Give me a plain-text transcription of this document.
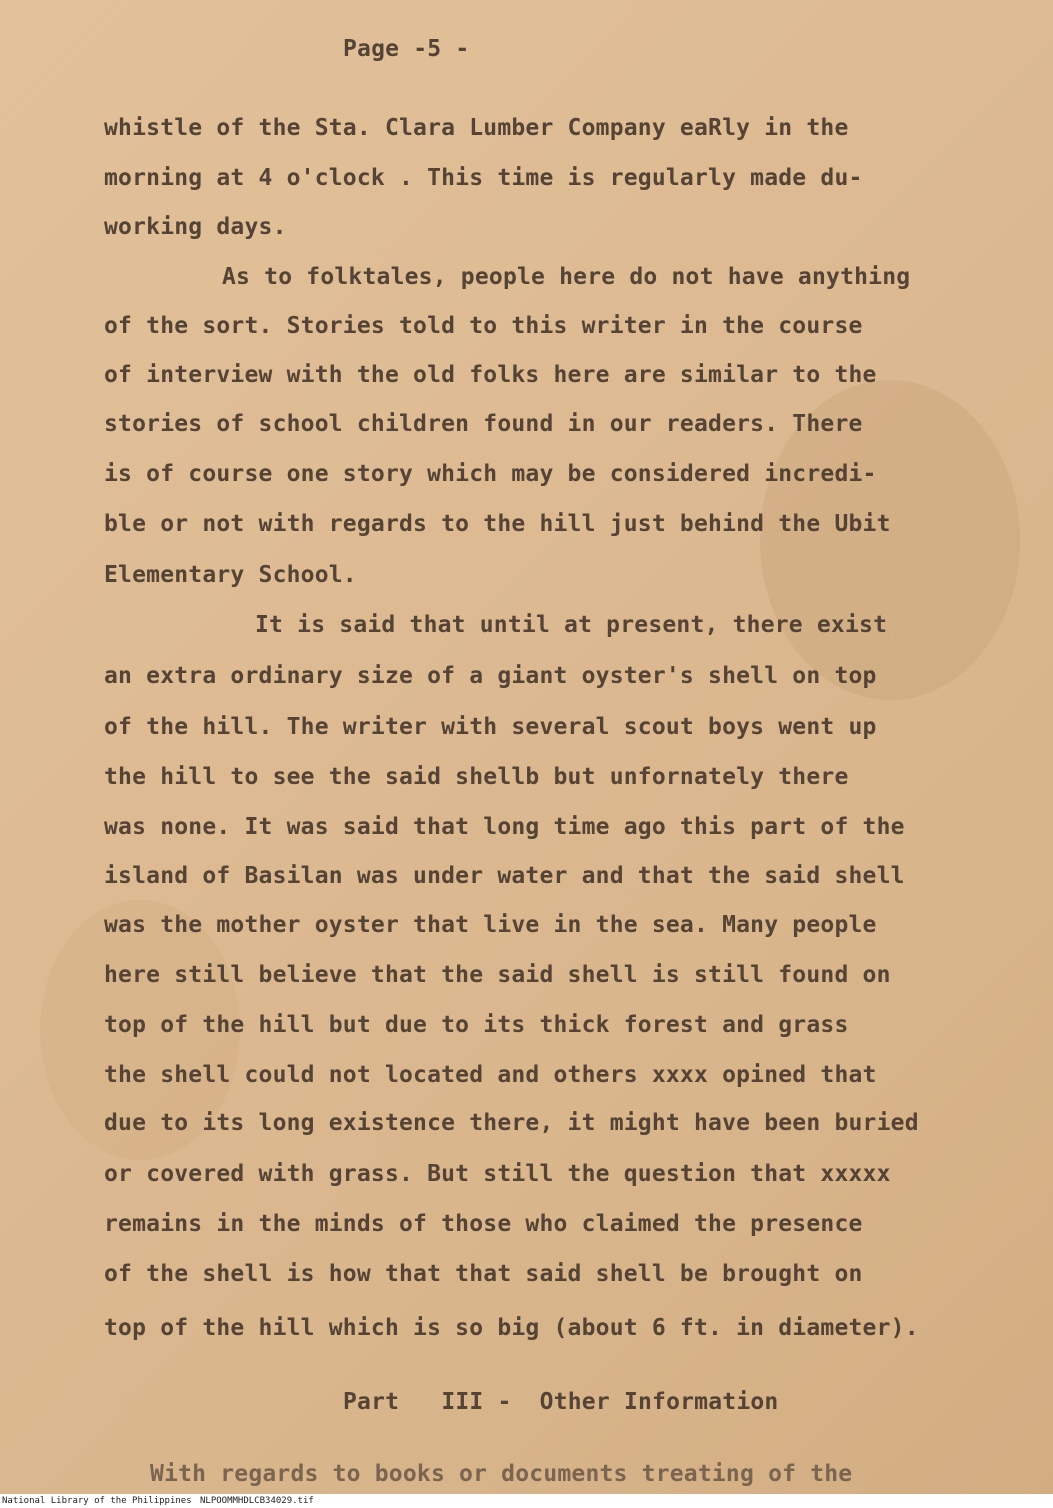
Page -5 -
whistle of the Sta. Clara Lumber Company eaRly in the
morning at 4 o'clock . This time is regularly made du-
working days.
As to folktales, people here do not have anything
of the sort. Stories told to this writer in the course
of interview with the old folks here are similar to the
stories of school children found in our readers. There
is of course one story which may be considered incredi-
ble or not with regards to the hill just behind the Ubit
Elementary School.
It is said that until at present, there exist
an extra ordinary size of a giant oyster's shell on top
of the hill. The writer with several scout boys went up
the hill to see the said shellb but unfornately there
was none. It was said that long time ago this part of the
island of Basilan was under water and that the said shell
was the mother oyster that live in the sea. Many people
here still believe that the said shell is still found on
top of the hill but due to its thick forest and grass
the shell could not located and others xxxx opined that
due to its long existence there, it might have been buried
or covered with grass. But still the question that xxxxx
remains in the minds of those who claimed the presence
of the shell is how that that said shell be brought on
top of the hill which is so big (about 6 ft. in diameter).
Part   III -  Other Information
With regards to books or documents treating of the
National Library of the Philippines NLPOOMMHDLCB34029.tif
